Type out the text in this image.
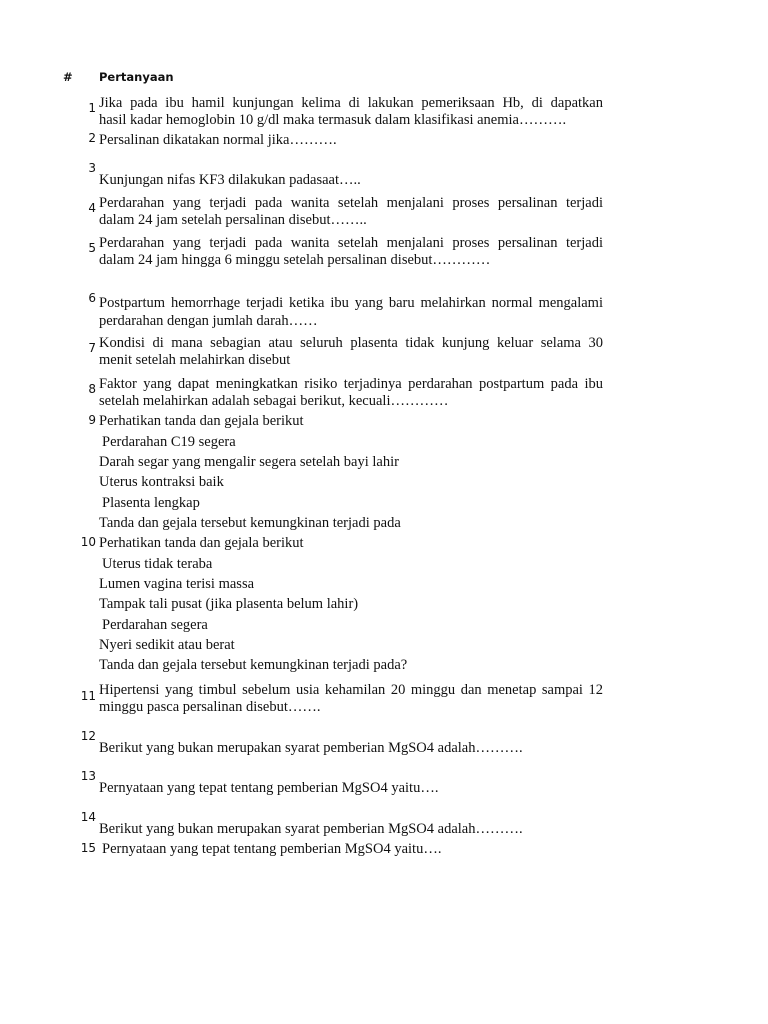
# Pertanyaan
1 Jika pada ibu hamil kunjungan kelima di lakukan pemeriksaan Hb, di dapatkan
hasil kadar hemoglobin 10 g/dl maka termasuk dalam klasifikasi anemia……….
2 Persalinan dikatakan normal jika……….
3
Kunjungan nifas KF3 dilakukan padasaat…..
4 Perdarahan yang terjadi pada wanita setelah menjalani proses persalinan terjadi
dalam 24 jam setelah persalinan disebut……..
5 Perdarahan yang terjadi pada wanita setelah menjalani proses persalinan terjadi
dalam 24 jam hingga 6 minggu setelah persalinan disebut…………
6 Postpartum hemorrhage terjadi ketika ibu yang baru melahirkan normal mengalami
perdarahan dengan jumlah darah……
7 Kondisi di mana sebagian atau seluruh plasenta tidak kunjung keluar selama 30
menit setelah melahirkan disebut
8 Faktor yang dapat meningkatkan risiko terjadinya perdarahan postpartum pada ibu
setelah melahirkan adalah sebagai berikut, kecuali…………
9 Perhatikan tanda dan gejala berikut
Perdarahan C19 segera
Darah segar yang mengalir segera setelah bayi lahir
Uterus kontraksi baik
Plasenta lengkap
Tanda dan gejala tersebut kemungkinan terjadi pada
10 Perhatikan tanda dan gejala berikut
Uterus tidak teraba
Lumen vagina terisi massa
Tampak tali pusat (jika plasenta belum lahir)
Perdarahan segera
Nyeri sedikit atau berat
Tanda dan gejala tersebut kemungkinan terjadi pada?
11 Hipertensi yang timbul sebelum usia kehamilan 20 minggu dan menetap sampai 12
minggu pasca persalinan disebut…….
12
Berikut yang bukan merupakan syarat pemberian MgSO4 adalah……….
13
Pernyataan yang tepat tentang pemberian MgSO4 yaitu….
14
Berikut yang bukan merupakan syarat pemberian MgSO4 adalah……….
15 Pernyataan yang tepat tentang pemberian MgSO4 yaitu….
